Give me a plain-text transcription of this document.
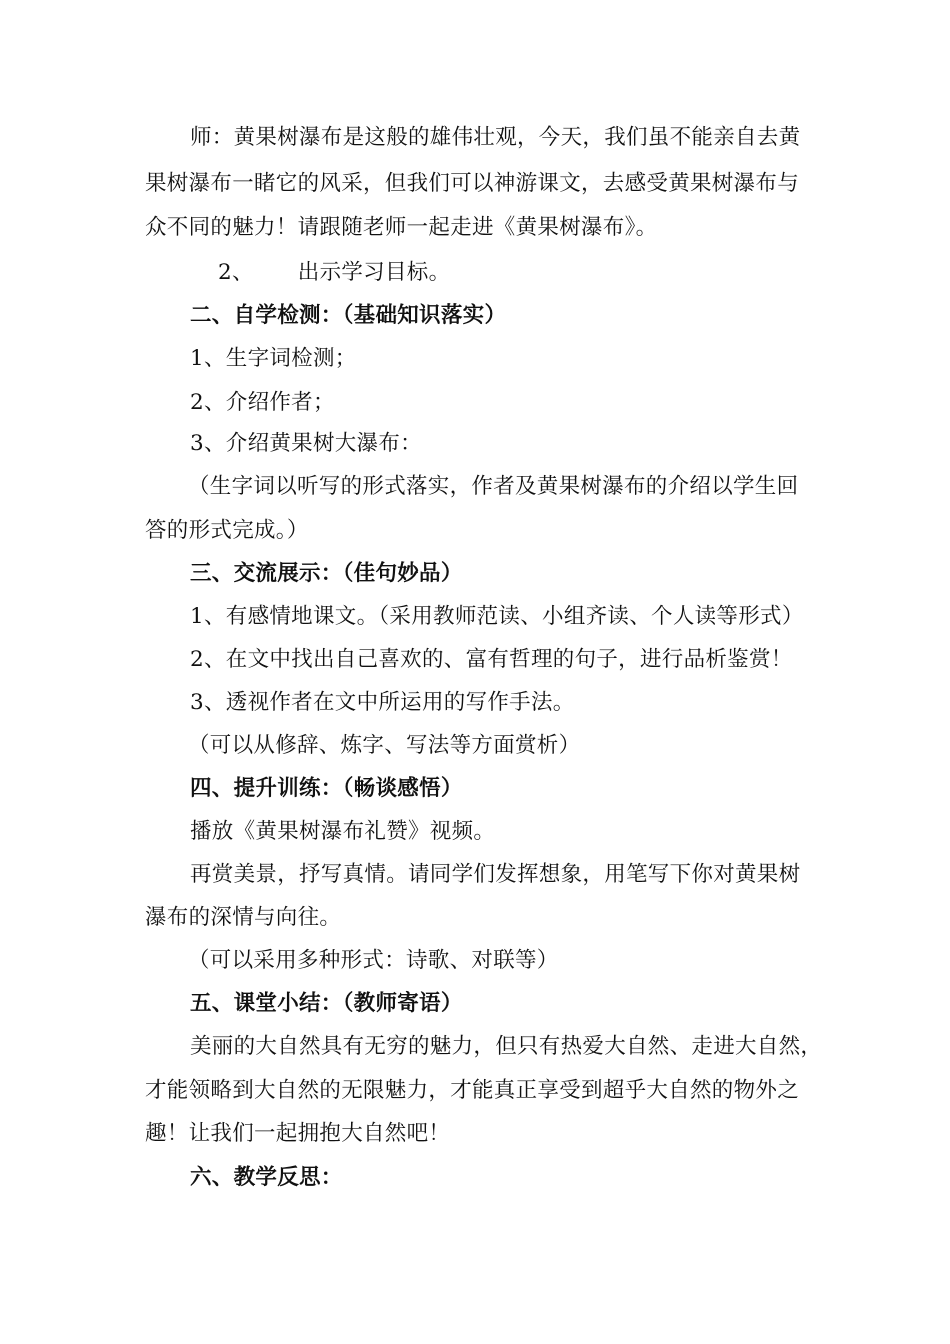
师：黄果树瀑布是这般的雄伟壮观，今天，我们虽不能亲自去黄
果树瀑布一睹它的风采，但我们可以神游课文，去感受黄果树瀑布与
众不同的魅力！请跟随老师一起走进《黄果树瀑布》。
2、 出示学习目标。
二、自学检测：（基础知识落实）
1、生字词检测；
2、介绍作者；
3、介绍黄果树大瀑布：
（生字词以听写的形式落实，作者及黄果树瀑布的介绍以学生回
答的形式完成。）
三、交流展示：（佳句妙品）
1、有感情地课文。（采用教师范读、小组齐读、个人读等形式）
2、在文中找出自己喜欢的、富有哲理的句子，进行品析鉴赏！
3、透视作者在文中所运用的写作手法。
（可以从修辞、炼字、写法等方面赏析）
四、提升训练：（畅谈感悟）
播放《黄果树瀑布礼赞》视频。
再赏美景，抒写真情。请同学们发挥想象，用笔写下你对黄果树
瀑布的深情与向往。
（可以采用多种形式：诗歌、对联等）
五、课堂小结：（教师寄语）
美丽的大自然具有无穷的魅力，但只有热爱大自然、走进大自然，
才能领略到大自然的无限魅力，才能真正享受到超乎大自然的物外之
趣！让我们一起拥抱大自然吧！
六、教学反思：
